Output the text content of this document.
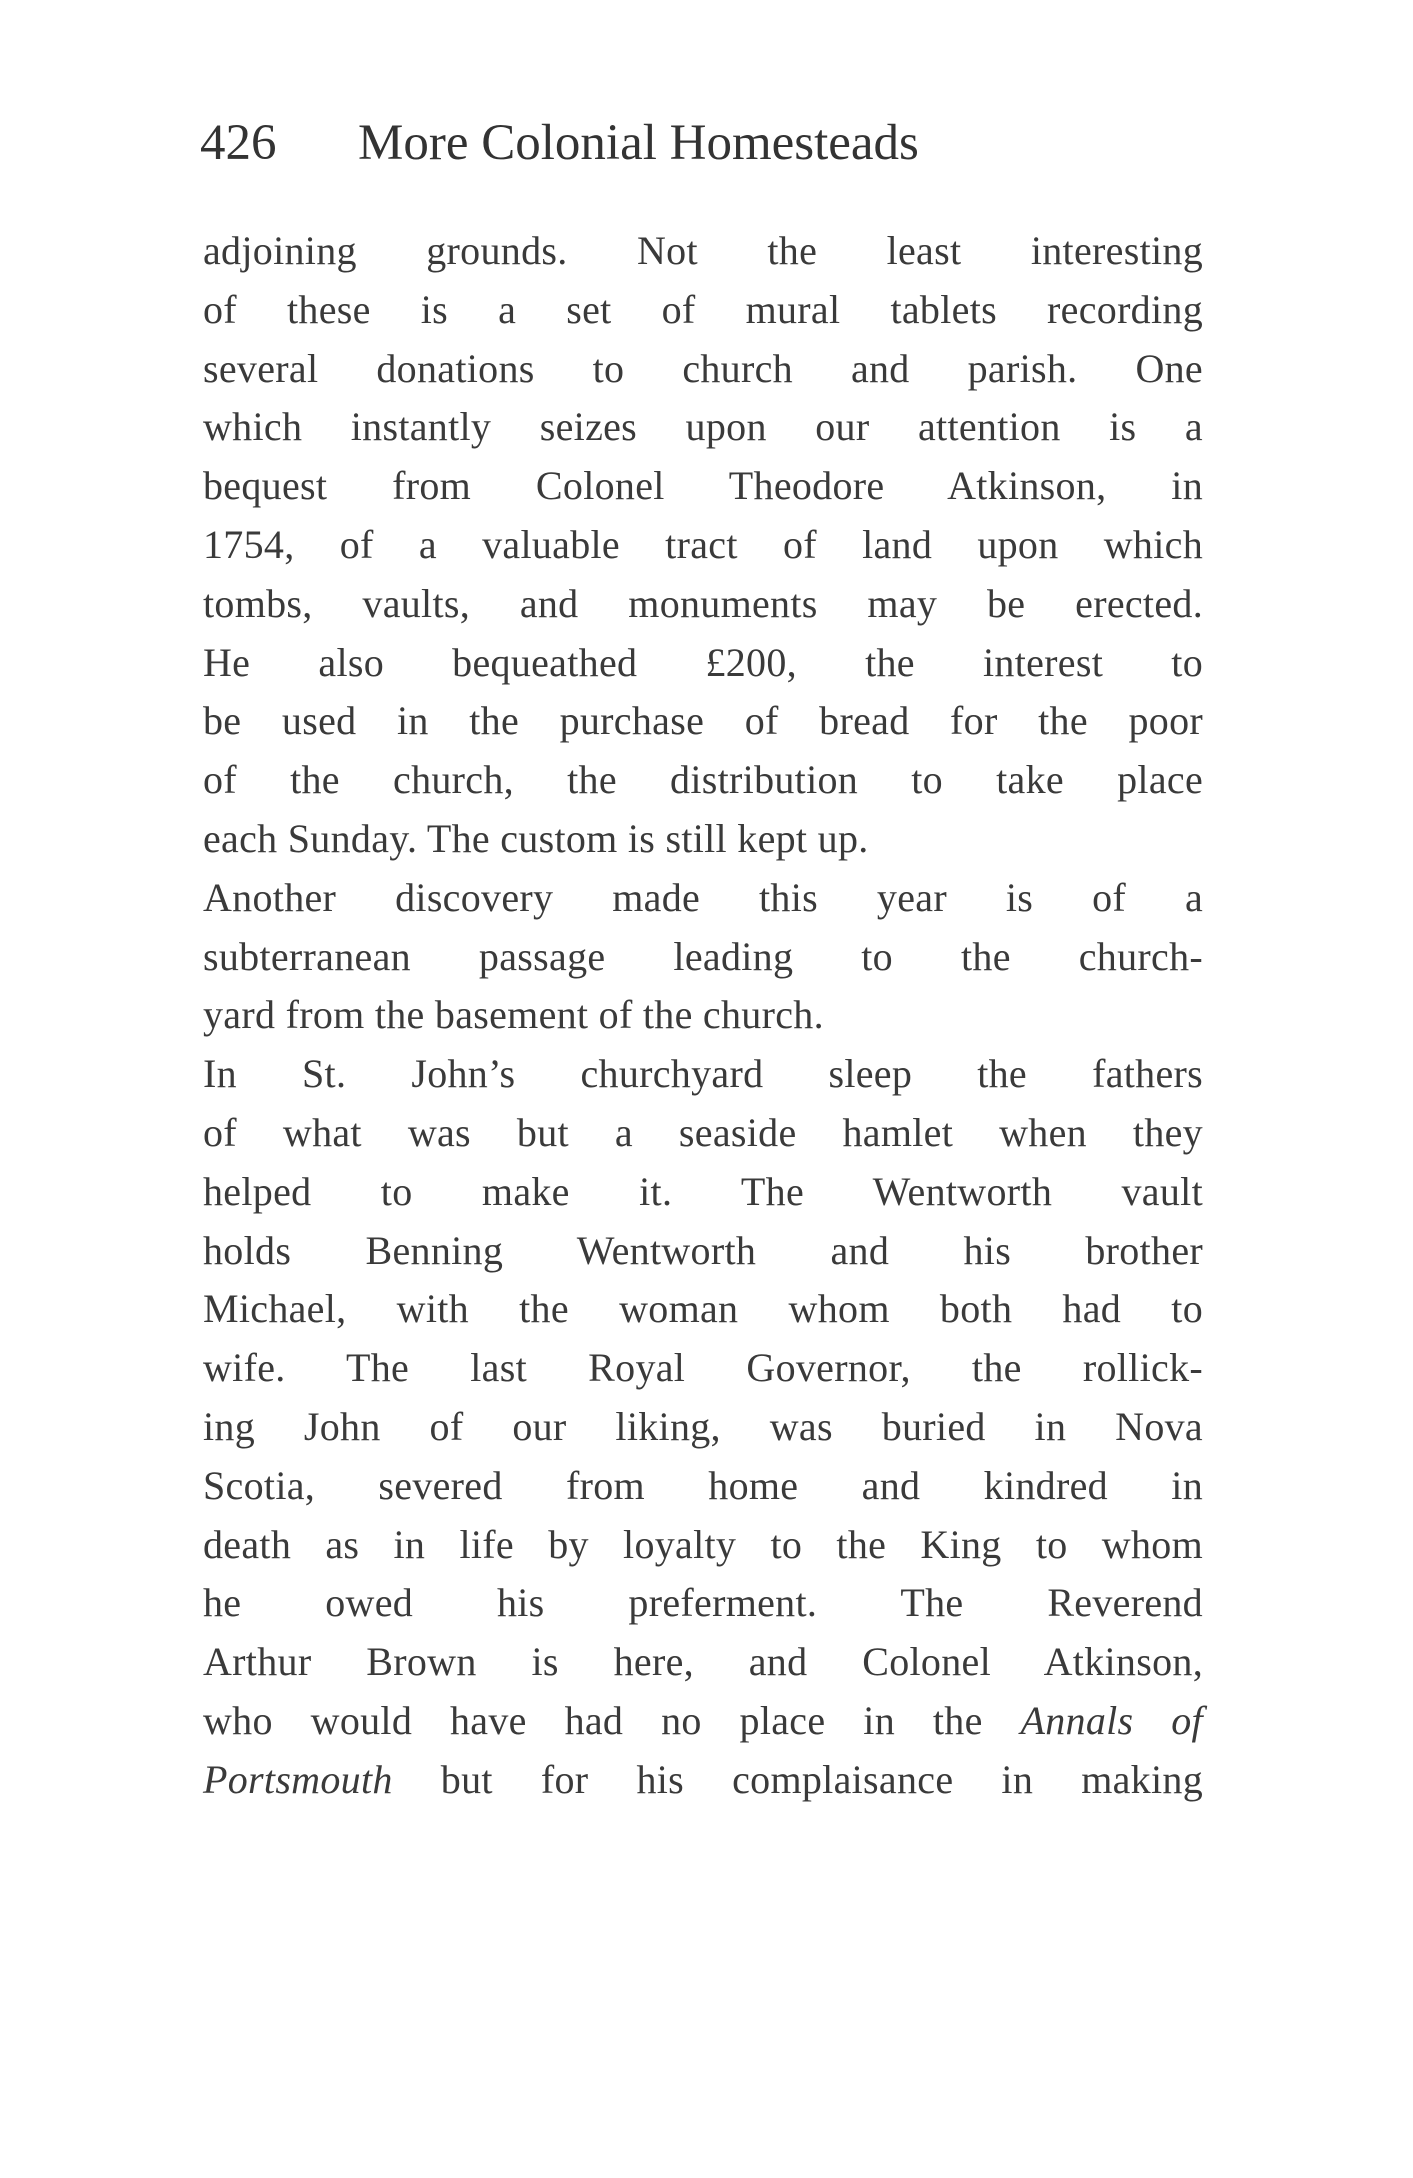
426 More Colonial Homesteads
adjoining grounds. Not the least interesting
of these is a set of mural tablets recording
several donations to church and parish. One
which instantly seizes upon our attention is a
bequest from Colonel Theodore Atkinson, in
1754, of a valuable tract of land upon which
tombs, vaults, and monuments may be erected.
He also bequeathed £200, the interest to
be used in the purchase of bread for the poor
of the church, the distribution to take place
each Sunday. The custom is still kept up.
Another discovery made this year is of a
subterranean passage leading to the church-
yard from the basement of the church.
In St. John’s churchyard sleep the fathers
of what was but a seaside hamlet when they
helped to make it. The Wentworth vault
holds Benning Wentworth and his brother
Michael, with the woman whom both had to
wife. The last Royal Governor, the rollick-
ing John of our liking, was buried in Nova
Scotia, severed from home and kindred in
death as in life by loyalty to the King to whom
he owed his preferment. The Reverend
Arthur Brown is here, and Colonel Atkinson,
who would have had no place in the Annals of
Portsmouth but for his complaisance in making
